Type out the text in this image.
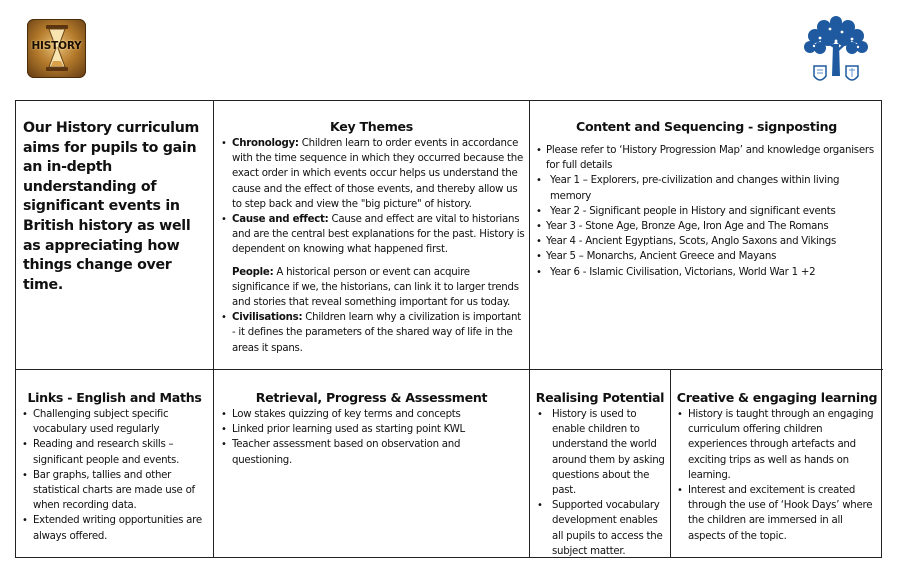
HISTORY
Our History curriculum aims for pupils to gain an in-depth understanding of significant events in British history as well as appreciating how things change over time.
Key Themes
• Chronology: Children learn to order events in accordance with the time sequence in which they occurred because the exact order in which events occur helps us understand the cause and the effect of those events, and thereby allow us to step back and view the "big picture" of history.
• Cause and effect: Cause and effect are vital to historians and are the central best explanations for the past. History is dependent on knowing what happened first.
People: A historical person or event can acquire significance if we, the historians, can link it to larger trends and stories that reveal something important for us today.
• Civilisations: Children learn why a civilization is important - it defines the parameters of the shared way of life in the areas it spans.
Content and Sequencing - signposting
• Please refer to ‘History Progression Map’ and knowledge organisers for full details
• Year 1 – Explorers, pre-civilization and changes within living memory
• Year 2 - Significant people in History and significant events
• Year 3 - Stone Age, Bronze Age, Iron Age and The Romans
• Year 4 - Ancient Egyptians, Scots, Anglo Saxons and Vikings
• Year 5 – Monarchs, Ancient Greece and Mayans
• Year 6 - Islamic Civilisation, Victorians, World War 1 +2
Links - English and Maths
• Challenging subject specific vocabulary used regularly
• Reading and research skills – significant people and events.
• Bar graphs, tallies and other statistical charts are made use of when recording data.
• Extended writing opportunities are always offered.
Retrieval, Progress & Assessment
• Low stakes quizzing of key terms and concepts
• Linked prior learning used as starting point KWL
• Teacher assessment based on observation and questioning.
Realising Potential
• History is used to enable children to understand the world around them by asking questions about the past.
• Supported vocabulary development enables all pupils to access the subject matter.
Creative & engaging learning
• History is taught through an engaging curriculum offering children experiences through artefacts and exciting trips as well as hands on learning.
• Interest and excitement is created through the use of ‘Hook Days’ where the children are immersed in all aspects of the topic.
